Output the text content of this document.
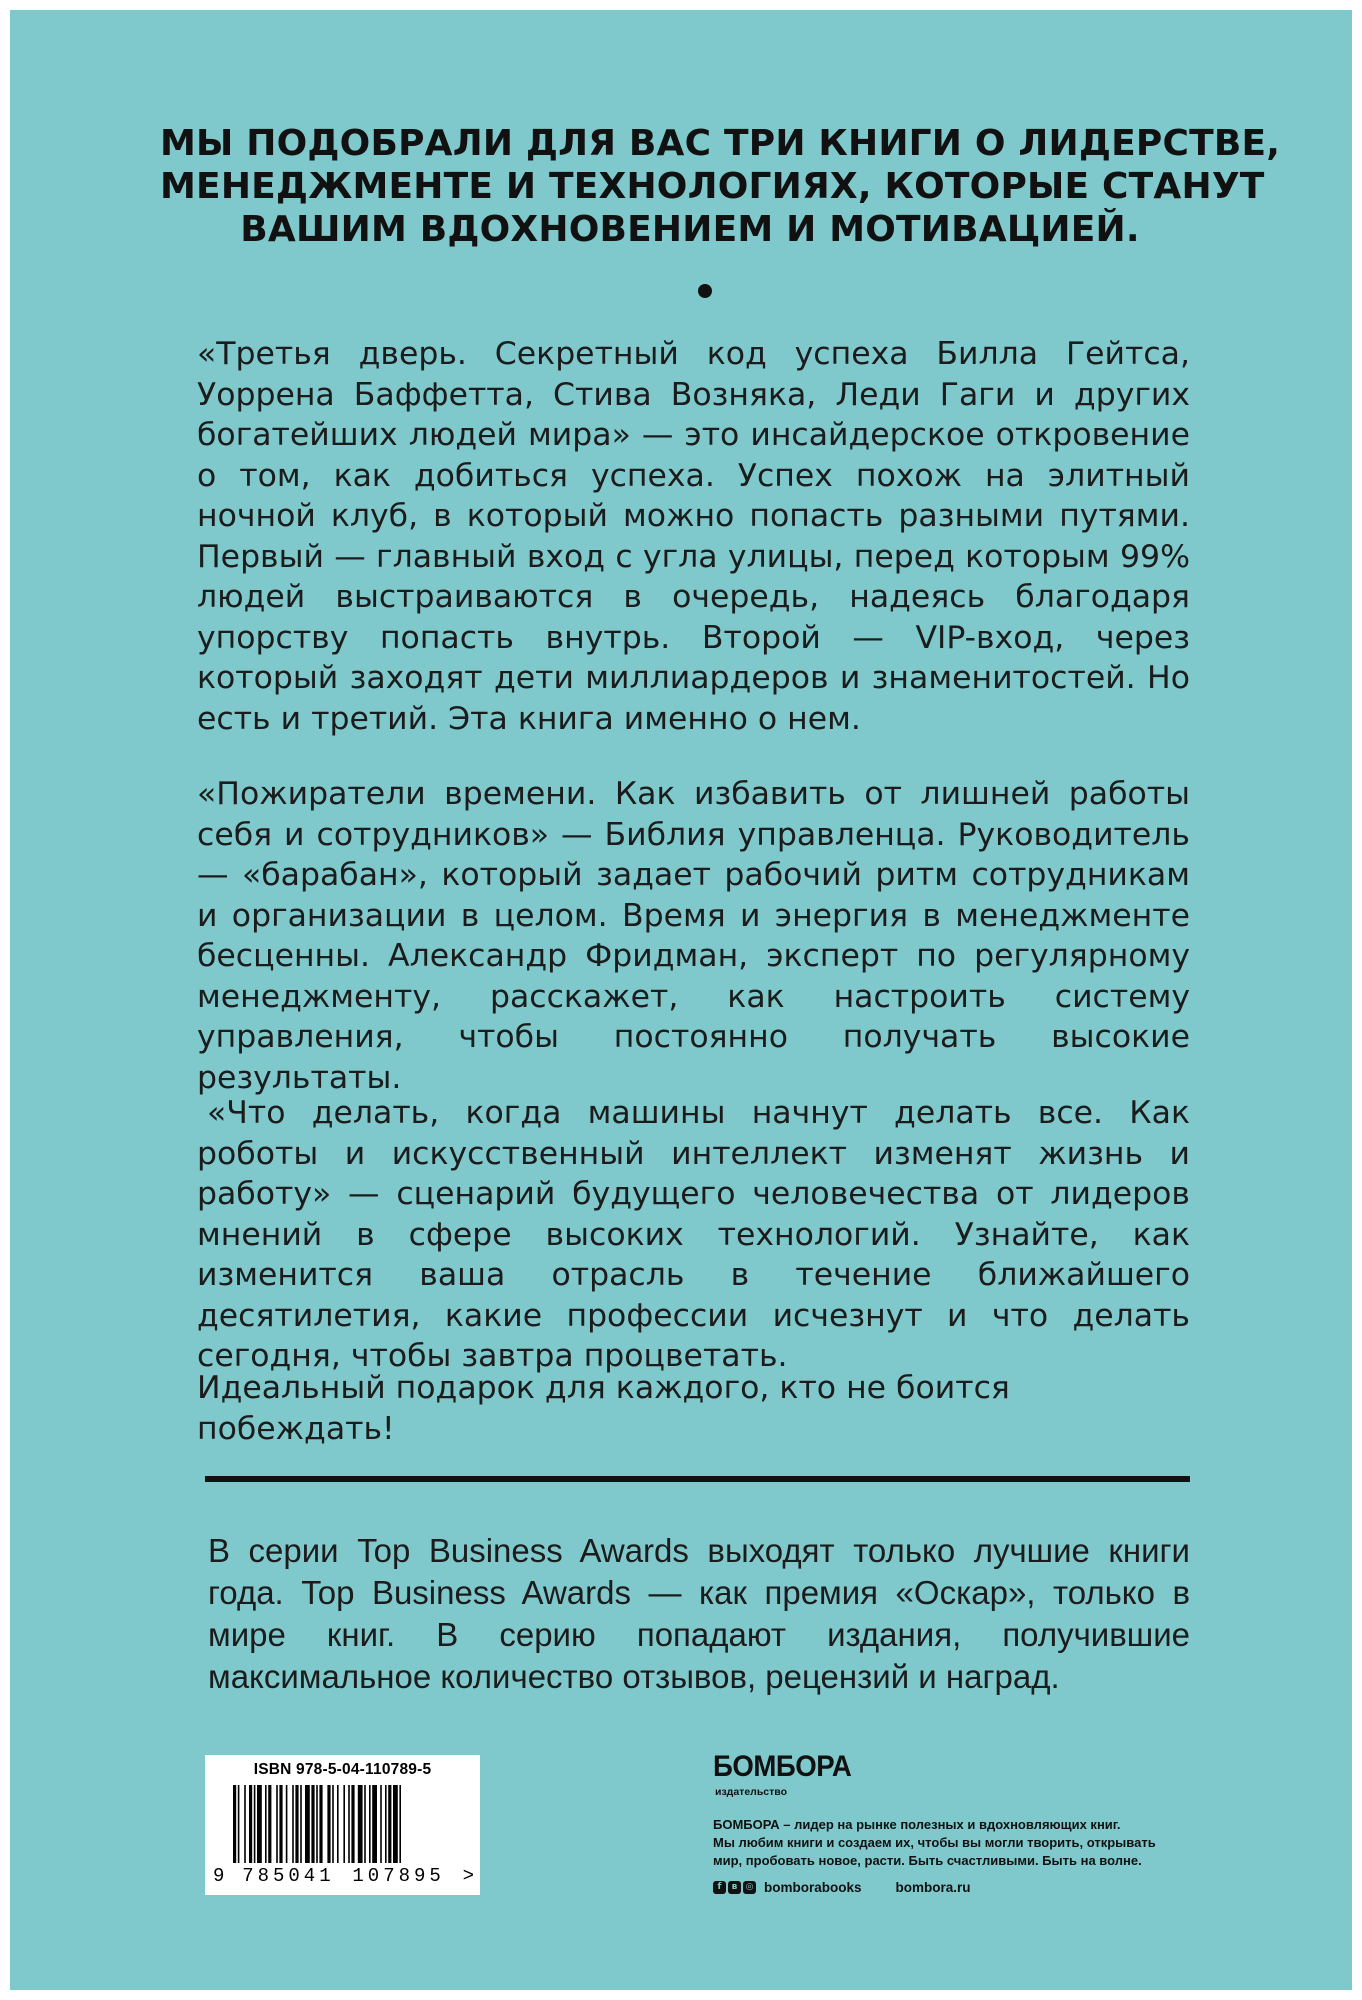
МЫ ПОДОБРАЛИ ДЛЯ ВАС ТРИ КНИГИ О ЛИДЕРСТВЕ,
МЕНЕДЖМЕНТЕ И ТЕХНОЛОГИЯХ, КОТОРЫЕ СТАНУТ
ВАШИМ ВДОХНОВЕНИЕМ И МОТИВАЦИЕЙ.
«Третья дверь. Секретный код успеха Билла Гейтса, Уоррена Баффетта, Стива Возняка, Леди Гаги и других богатейших людей мира» — это инсайдерское откровение о том, как добиться успеха. Успех похож на элитный ночной клуб, в который можно попасть разными путями. Первый — главный вход с угла улицы, перед которым 99% людей выстраиваются в очередь, надеясь благодаря упорству попасть внутрь. Второй — VIP-вход, через который заходят дети миллиардеров и знаменитостей. Но есть и третий. Эта книга именно о нем.
«Пожиратели времени. Как избавить от лишней работы себя и сотрудников» — Библия управленца. Руководитель — «барабан», который задает рабочий ритм сотрудникам и организации в целом. Время и энергия в менеджменте бесценны. Александр Фридман, эксперт по регулярному менеджменту, расскажет, как настроить систему управления, чтобы постоянно получать высокие результаты.
«Что делать, когда машины начнут делать все. Как роботы и искусственный интеллект изменят жизнь и работу» — сценарий будущего человечества от лидеров мнений в сфере высоких технологий. Узнайте, как изменится ваша отрасль в течение ближайшего десятилетия, какие профессии исчезнут и что делать сегодня, чтобы завтра процветать.
Идеальный подарок для каждого, кто не боится побеждать!
В серии Top Business Awards выходят только лучшие книги года. Top Business Awards — как премия «Оскар», только в мире книг. В серию попадают издания, получившие максимальное количество отзывов, рецензий и наград.
ISBN 978-5-04-110789-5
9 785041 107895 >
БОМБОРА
издательство
БОМБОРА – лидер на рынке полезных и вдохновляющих книг.
Мы любим книги и создаем их, чтобы вы могли творить, открывать
мир, пробовать новое, расти. Быть счастливыми. Быть на волне.
f	в ◎ bomborabooks	bombora.ru
